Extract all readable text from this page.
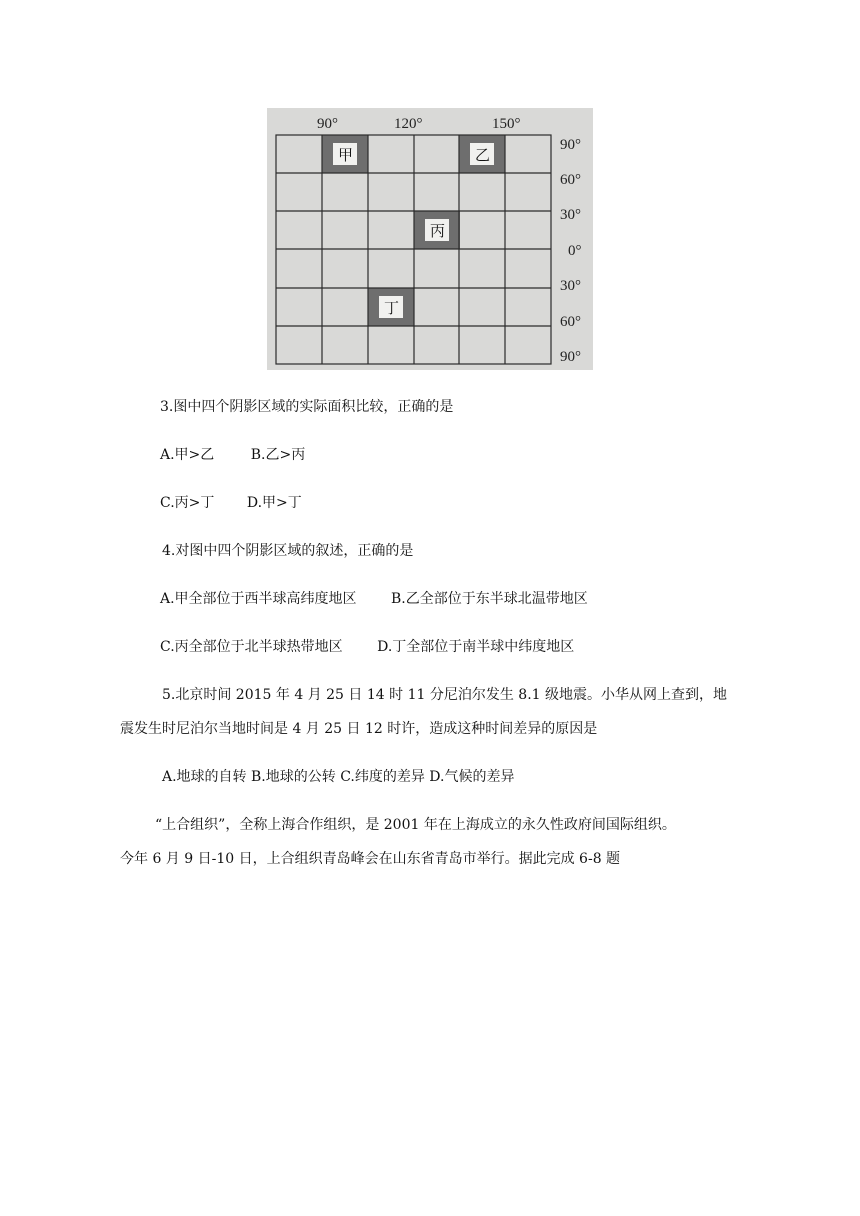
90°	120°	150°
90°
60°
30°
0°
30°
60°
90°
甲	乙
丙
丁
3.图中四个阴影区域的实际面积比较，正确的是
A.甲>乙	B.乙>丙
C.丙>丁 D.甲>丁
4.对图中四个阴影区域的叙述，正确的是
A.甲全部位于西半球高纬度地区 B.乙全部位于东半球北温带地区
C.丙全部位于北半球热带地区 D.丁全部位于南半球中纬度地区
5.北京时间 2015 年 4 月 25 日 14 时 11 分尼泊尔发生 8.1 级地震。小华从网上查到，地
震发生时尼泊尔当地时间是 4 月 25 日 12 时许，造成这种时间差异的原因是
A.地球的自转 B.地球的公转 C.纬度的差异 D.气候的差异
“上合组织”，全称上海合作组织，是 2001 年在上海成立的永久性政府间国际组织。
今年 6 月 9 日-10 日，上合组织青岛峰会在山东省青岛市举行。据此完成 6-8 题
